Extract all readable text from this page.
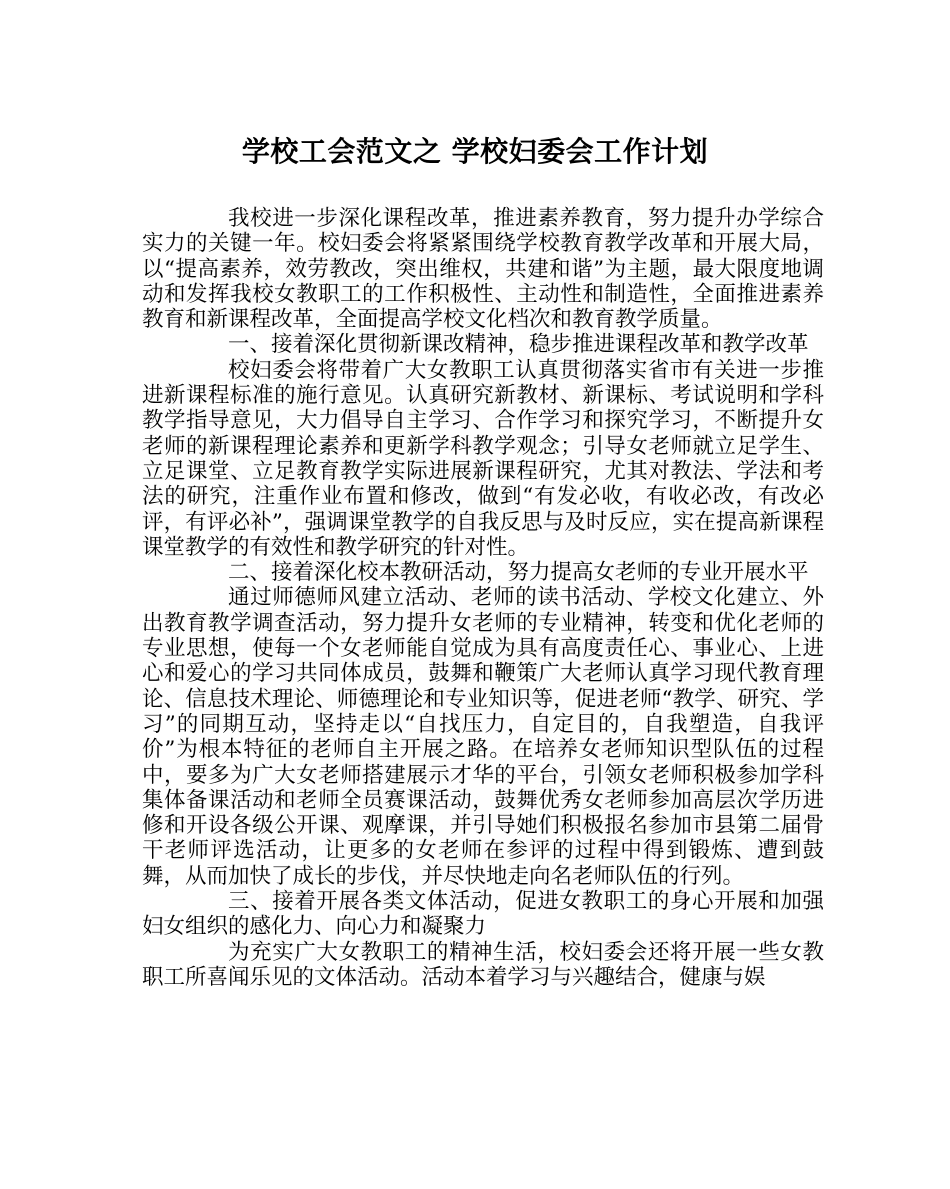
学校工会范文之 学校妇委会工作计划

我校进一步深化课程改革，推进素养教育，努力提升办学综合实力的关键一年。校妇委会将紧紧围绕学校教育教学改革和开展大局，以“提高素养，效劳教改，突出维权，共建和谐”为主题，最大限度地调动和发挥我校女教职工的工作积极性、主动性和制造性，全面推进素养教育和新课程改革，全面提高学校文化档次和教育教学质量。

一、接着深化贯彻新课改精神，稳步推进课程改革和教学改革

校妇委会将带着广大女教职工认真贯彻落实省市有关进一步推进新课程标准的施行意见。认真研究新教材、新课标、考试说明和学科教学指导意见，大力倡导自主学习、合作学习和探究学习，不断提升女老师的新课程理论素养和更新学科教学观念；引导女老师就立足学生、立足课堂、立足教育教学实际进展新课程研究，尤其对教法、学法和考法的研究，注重作业布置和修改，做到“有发必收，有收必改，有改必评，有评必补”，强调课堂教学的自我反思与及时反应，实在提高新课程课堂教学的有效性和教学研究的针对性。

二、接着深化校本教研活动，努力提高女老师的专业开展水平

通过师德师风建立活动、老师的读书活动、学校文化建立、外出教育教学调查活动，努力提升女老师的专业精神，转变和优化老师的专业思想，使每一个女老师能自觉成为具有高度责任心、事业心、上进心和爱心的学习共同体成员，鼓舞和鞭策广大老师认真学习现代教育理论、信息技术理论、师德理论和专业知识等，促进老师“教学、研究、学习”的同期互动，坚持走以“自找压力，自定目的，自我塑造，自我评价”为根本特征的老师自主开展之路。在培养女老师知识型队伍的过程中，要多为广大女老师搭建展示才华的平台，引领女老师积极参加学科集体备课活动和老师全员赛课活动，鼓舞优秀女老师参加高层次学历进修和开设各级公开课、观摩课，并引导她们积极报名参加市县第二届骨干老师评选活动，让更多的女老师在参评的过程中得到锻炼、遭到鼓舞，从而加快了成长的步伐，并尽快地走向名老师队伍的行列。

三、接着开展各类文体活动，促进女教职工的身心开展和加强妇女组织的感化力、向心力和凝聚力

为充实广大女教职工的精神生活，校妇委会还将开展一些女教职工所喜闻乐见的文体活动。活动本着学习与兴趣结合，健康与娱
